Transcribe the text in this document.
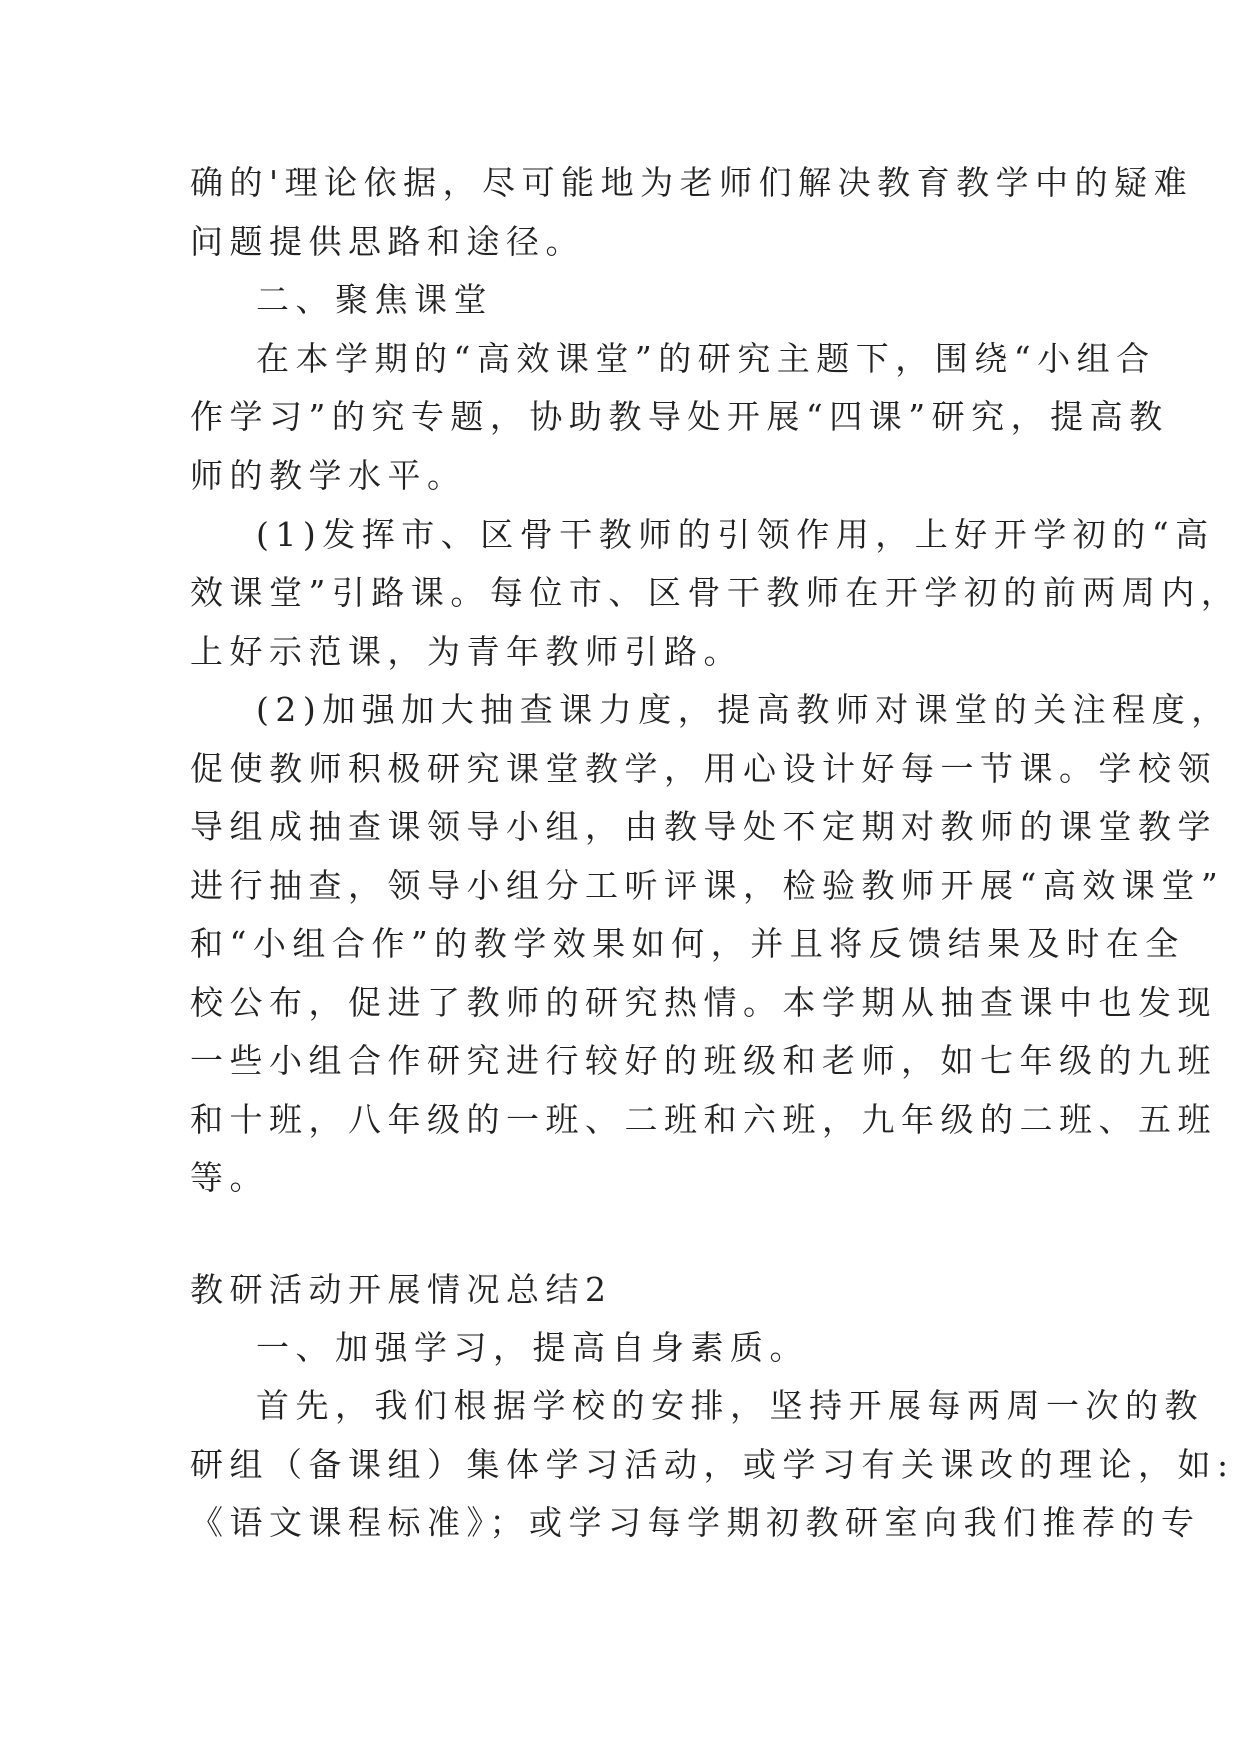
确的'理论依据，尽可能地为老师们解决教育教学中的疑难
问题提供思路和途径。
二、聚焦课堂
在本学期的“高效课堂”的研究主题下，围绕“小组合
作学习”的究专题，协助教导处开展“四课”研究，提高教
师的教学水平。
(1)发挥市、区骨干教师的引领作用，上好开学初的“高
效课堂”引路课。每位市、区骨干教师在开学初的前两周内，
上好示范课，为青年教师引路。
(2)加强加大抽查课力度，提高教师对课堂的关注程度，
促使教师积极研究课堂教学，用心设计好每一节课。学校领
导组成抽查课领导小组，由教导处不定期对教师的课堂教学
进行抽查，领导小组分工听评课，检验教师开展“高效课堂”
和“小组合作”的教学效果如何，并且将反馈结果及时在全
校公布，促进了教师的研究热情。本学期从抽查课中也发现
一些小组合作研究进行较好的班级和老师，如七年级的九班
和十班，八年级的一班、二班和六班，九年级的二班、五班
等。
教研活动开展情况总结2
一、加强学习，提高自身素质。
首先，我们根据学校的安排，坚持开展每两周一次的教
研组（备课组）集体学习活动，或学习有关课改的理论，如:
《语文课程标准》；或学习每学期初教研室向我们推荐的专
